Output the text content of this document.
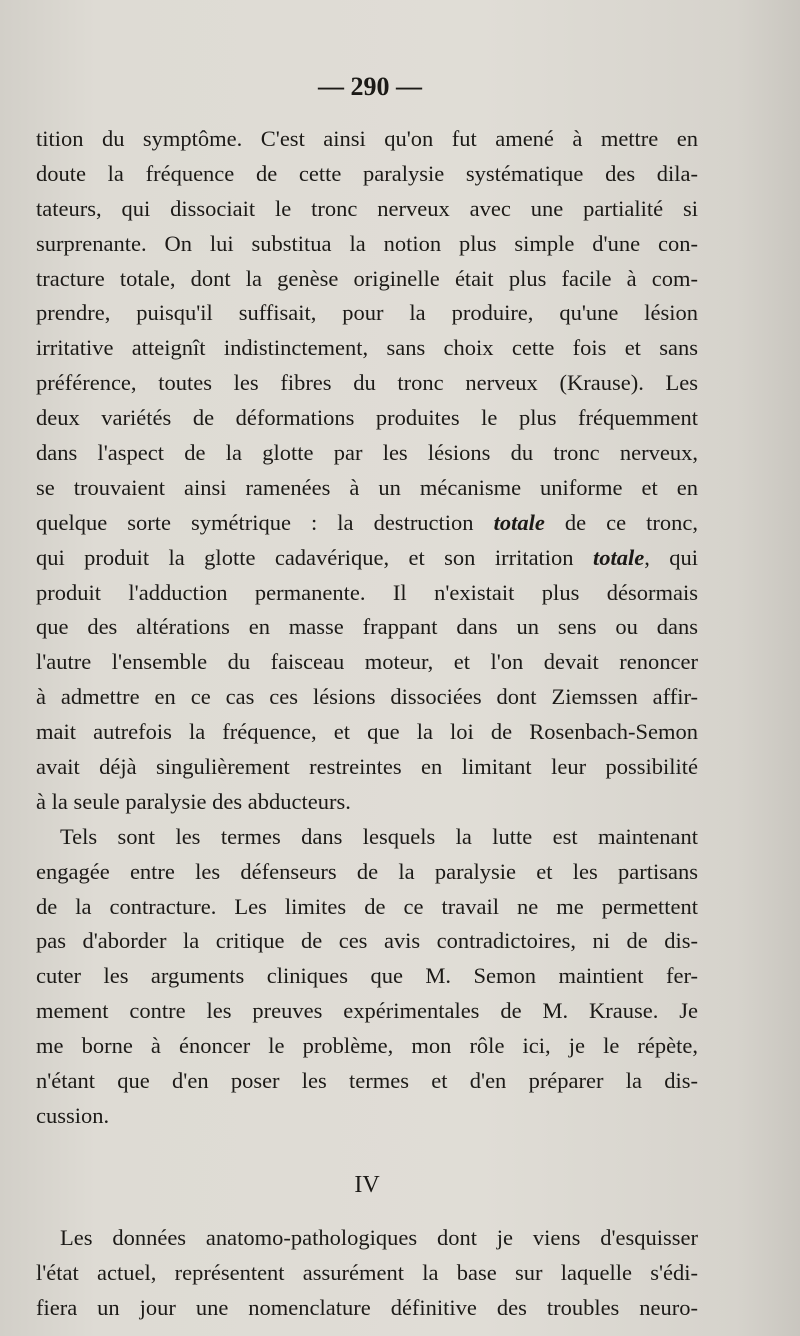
— 290 —
tition du symptôme. C'est ainsi qu'on fut amené à mettre en
doute la fréquence de cette paralysie systématique des dila-
tateurs, qui dissociait le tronc nerveux avec une partialité si
surprenante. On lui substitua la notion plus simple d'une con-
tracture totale, dont la genèse originelle était plus facile à com-
prendre, puisqu'il suffisait, pour la produire, qu'une lésion
irritative atteignît indistinctement, sans choix cette fois et sans
préférence, toutes les fibres du tronc nerveux (Krause). Les
deux variétés de déformations produites le plus fréquemment
dans l'aspect de la glotte par les lésions du tronc nerveux,
se trouvaient ainsi ramenées à un mécanisme uniforme et en
quelque sorte symétrique : la destruction totale de ce tronc,
qui produit la glotte cadavérique, et son irritation totale, qui
produit l'adduction permanente. Il n'existait plus désormais
que des altérations en masse frappant dans un sens ou dans
l'autre l'ensemble du faisceau moteur, et l'on devait renoncer
à admettre en ce cas ces lésions dissociées dont Ziemssen affir-
mait autrefois la fréquence, et que la loi de Rosenbach-Semon
avait déjà singulièrement restreintes en limitant leur possibilité
à la seule paralysie des abducteurs.
Tels sont les termes dans lesquels la lutte est maintenant
engagée entre les défenseurs de la paralysie et les partisans
de la contracture. Les limites de ce travail ne me permettent
pas d'aborder la critique de ces avis contradictoires, ni de dis-
cuter les arguments cliniques que M. Semon maintient fer-
mement contre les preuves expérimentales de M. Krause. Je
me borne à énoncer le problème, mon rôle ici, je le répète,
n'étant que d'en poser les termes et d'en préparer la dis-
cussion.
IV
Les données anatomo-pathologiques dont je viens d'esquisser
l'état actuel, représentent assurément la base sur laquelle s'édi-
fiera un jour une nomenclature définitive des troubles neuro-
